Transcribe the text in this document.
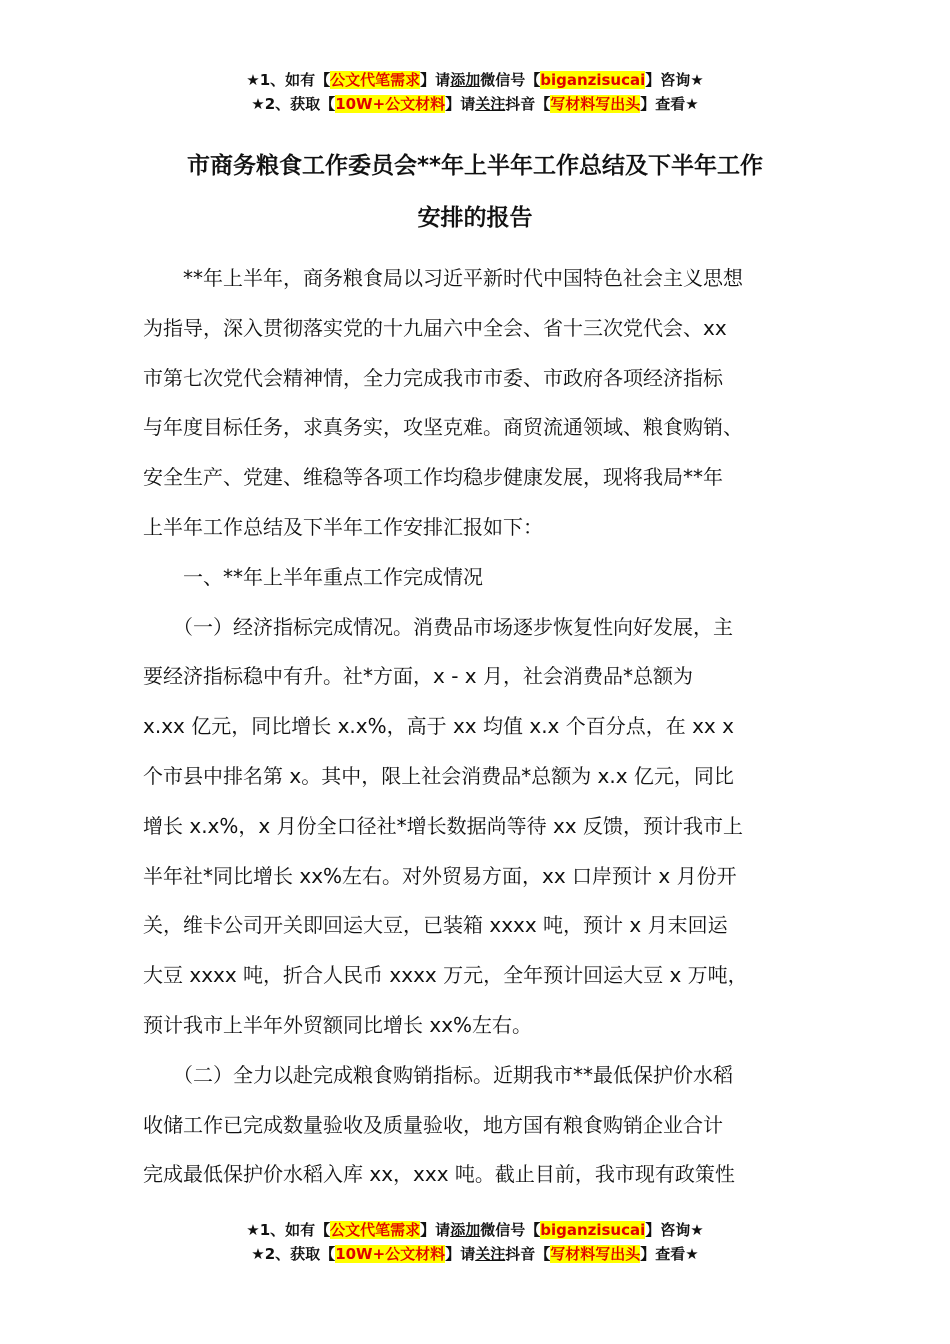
★1、如有【公文代笔需求】请添加微信号【biganzisucai】咨询★
★2、获取【10W+公文材料】请关注抖音【写材料写出头】查看★
市商务粮食工作委员会**年上半年工作总结及下半年工作
安排的报告
　　**年上半年，商务粮食局以习近平新时代中国特色社会主义思想
为指导，深入贯彻落实党的十九届六中全会、省十三次党代会、xx
市第七次党代会精神情，全力完成我市市委、市政府各项经济指标
与年度目标任务，求真务实，攻坚克难。商贸流通领域、粮食购销、
安全生产、党建、维稳等各项工作均稳步健康发展，现将我局**年
上半年工作总结及下半年工作安排汇报如下：
　　一、**年上半年重点工作完成情况
　　（一）经济指标完成情况。消费品市场逐步恢复性向好发展，主
要经济指标稳中有升。社*方面，x - x 月，社会消费品*总额为
x.xx 亿元，同比增长 x.x%，高于 xx 均值 x.x 个百分点，在 xx x
个市县中排名第 x。其中，限上社会消费品*总额为 x.x 亿元，同比
增长 x.x%，x 月份全口径社*增长数据尚等待 xx 反馈，预计我市上
半年社*同比增长 xx%左右。对外贸易方面，xx 口岸预计 x 月份开
关，维卡公司开关即回运大豆，已装箱 xxxx 吨，预计 x 月末回运
大豆 xxxx 吨，折合人民币 xxxx 万元，全年预计回运大豆 x 万吨，
预计我市上半年外贸额同比增长 xx%左右。
　　（二）全力以赴完成粮食购销指标。近期我市**最低保护价水稻
收储工作已完成数量验收及质量验收，地方国有粮食购销企业合计
完成最低保护价水稻入库 xx，xxx 吨。截止目前，我市现有政策性
★1、如有【公文代笔需求】请添加微信号【biganzisucai】咨询★
★2、获取【10W+公文材料】请关注抖音【写材料写出头】查看★
